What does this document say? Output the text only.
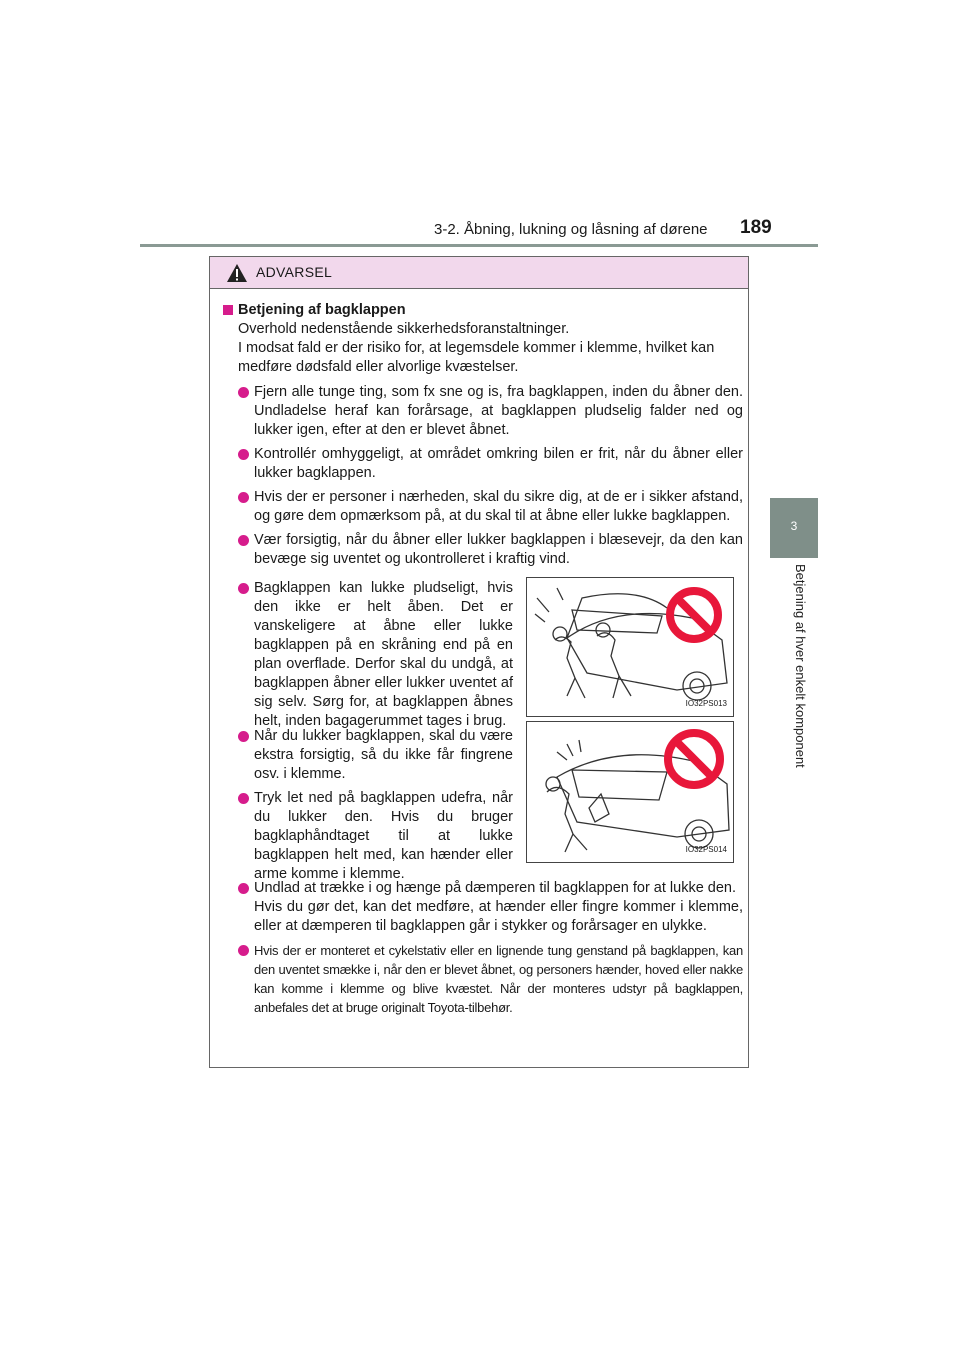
3-2. Åbning, lukning og låsning af dørene 189
3
Betjening af hver enkelt komponent
ADVARSEL
Betjening af bagklappen
Overhold nedenstående sikkerhedsforanstaltninger.
I modsat fald er der risiko for, at legemsdele kommer i klemme, hvilket kan medføre dødsfald eller alvorlige kvæstelser.
Fjern alle tunge ting, som fx sne og is, fra bagklappen, inden du åbner den. Undladelse heraf kan forårsage, at bagklappen pludselig falder ned og lukker igen, efter at den er blevet åbnet.
Kontrollér omhyggeligt, at området omkring bilen er frit, når du åbner eller lukker bagklappen.
Hvis der er personer i nærheden, skal du sikre dig, at de er i sikker afstand, og gøre dem opmærksom på, at du skal til at åbne eller lukke bagklappen.
Vær forsigtig, når du åbner eller lukker bagklappen i blæsevejr, da den kan bevæge sig uventet og ukontrolleret i kraftig vind.
Bagklappen kan lukke pludseligt, hvis den ikke er helt åben. Det er vanskeligere at åbne eller lukke bagklappen på en skråning end på en plan overflade. Derfor skal du undgå, at bagklappen åbner eller lukker uventet af sig selv. Sørg for, at bagklappen åbnes helt, inden bagagerummet tages i brug.
IO32PS013
Når du lukker bagklappen, skal du være ekstra forsigtig, så du ikke får fingrene osv. i klemme.
Tryk let ned på bagklappen udefra, når du lukker den. Hvis du bruger bagklaphåndtaget til at lukke bagklappen helt med, kan hænder eller arme komme i klemme.
IO32PS014
Undlad at trække i og hænge på dæmperen til bagklappen for at lukke den.
Hvis du gør det, kan det medføre, at hænder eller fingre kommer i klemme, eller at dæmperen til bagklappen går i stykker og forårsager en ulykke.
Hvis der er monteret et cykelstativ eller en lignende tung genstand på bagklappen, kan den uventet smække i, når den er blevet åbnet, og personers hænder, hoved eller nakke kan komme i klemme og blive kvæstet. Når der monteres udstyr på bagklappen, anbefales det at bruge originalt Toyota-tilbehør.
